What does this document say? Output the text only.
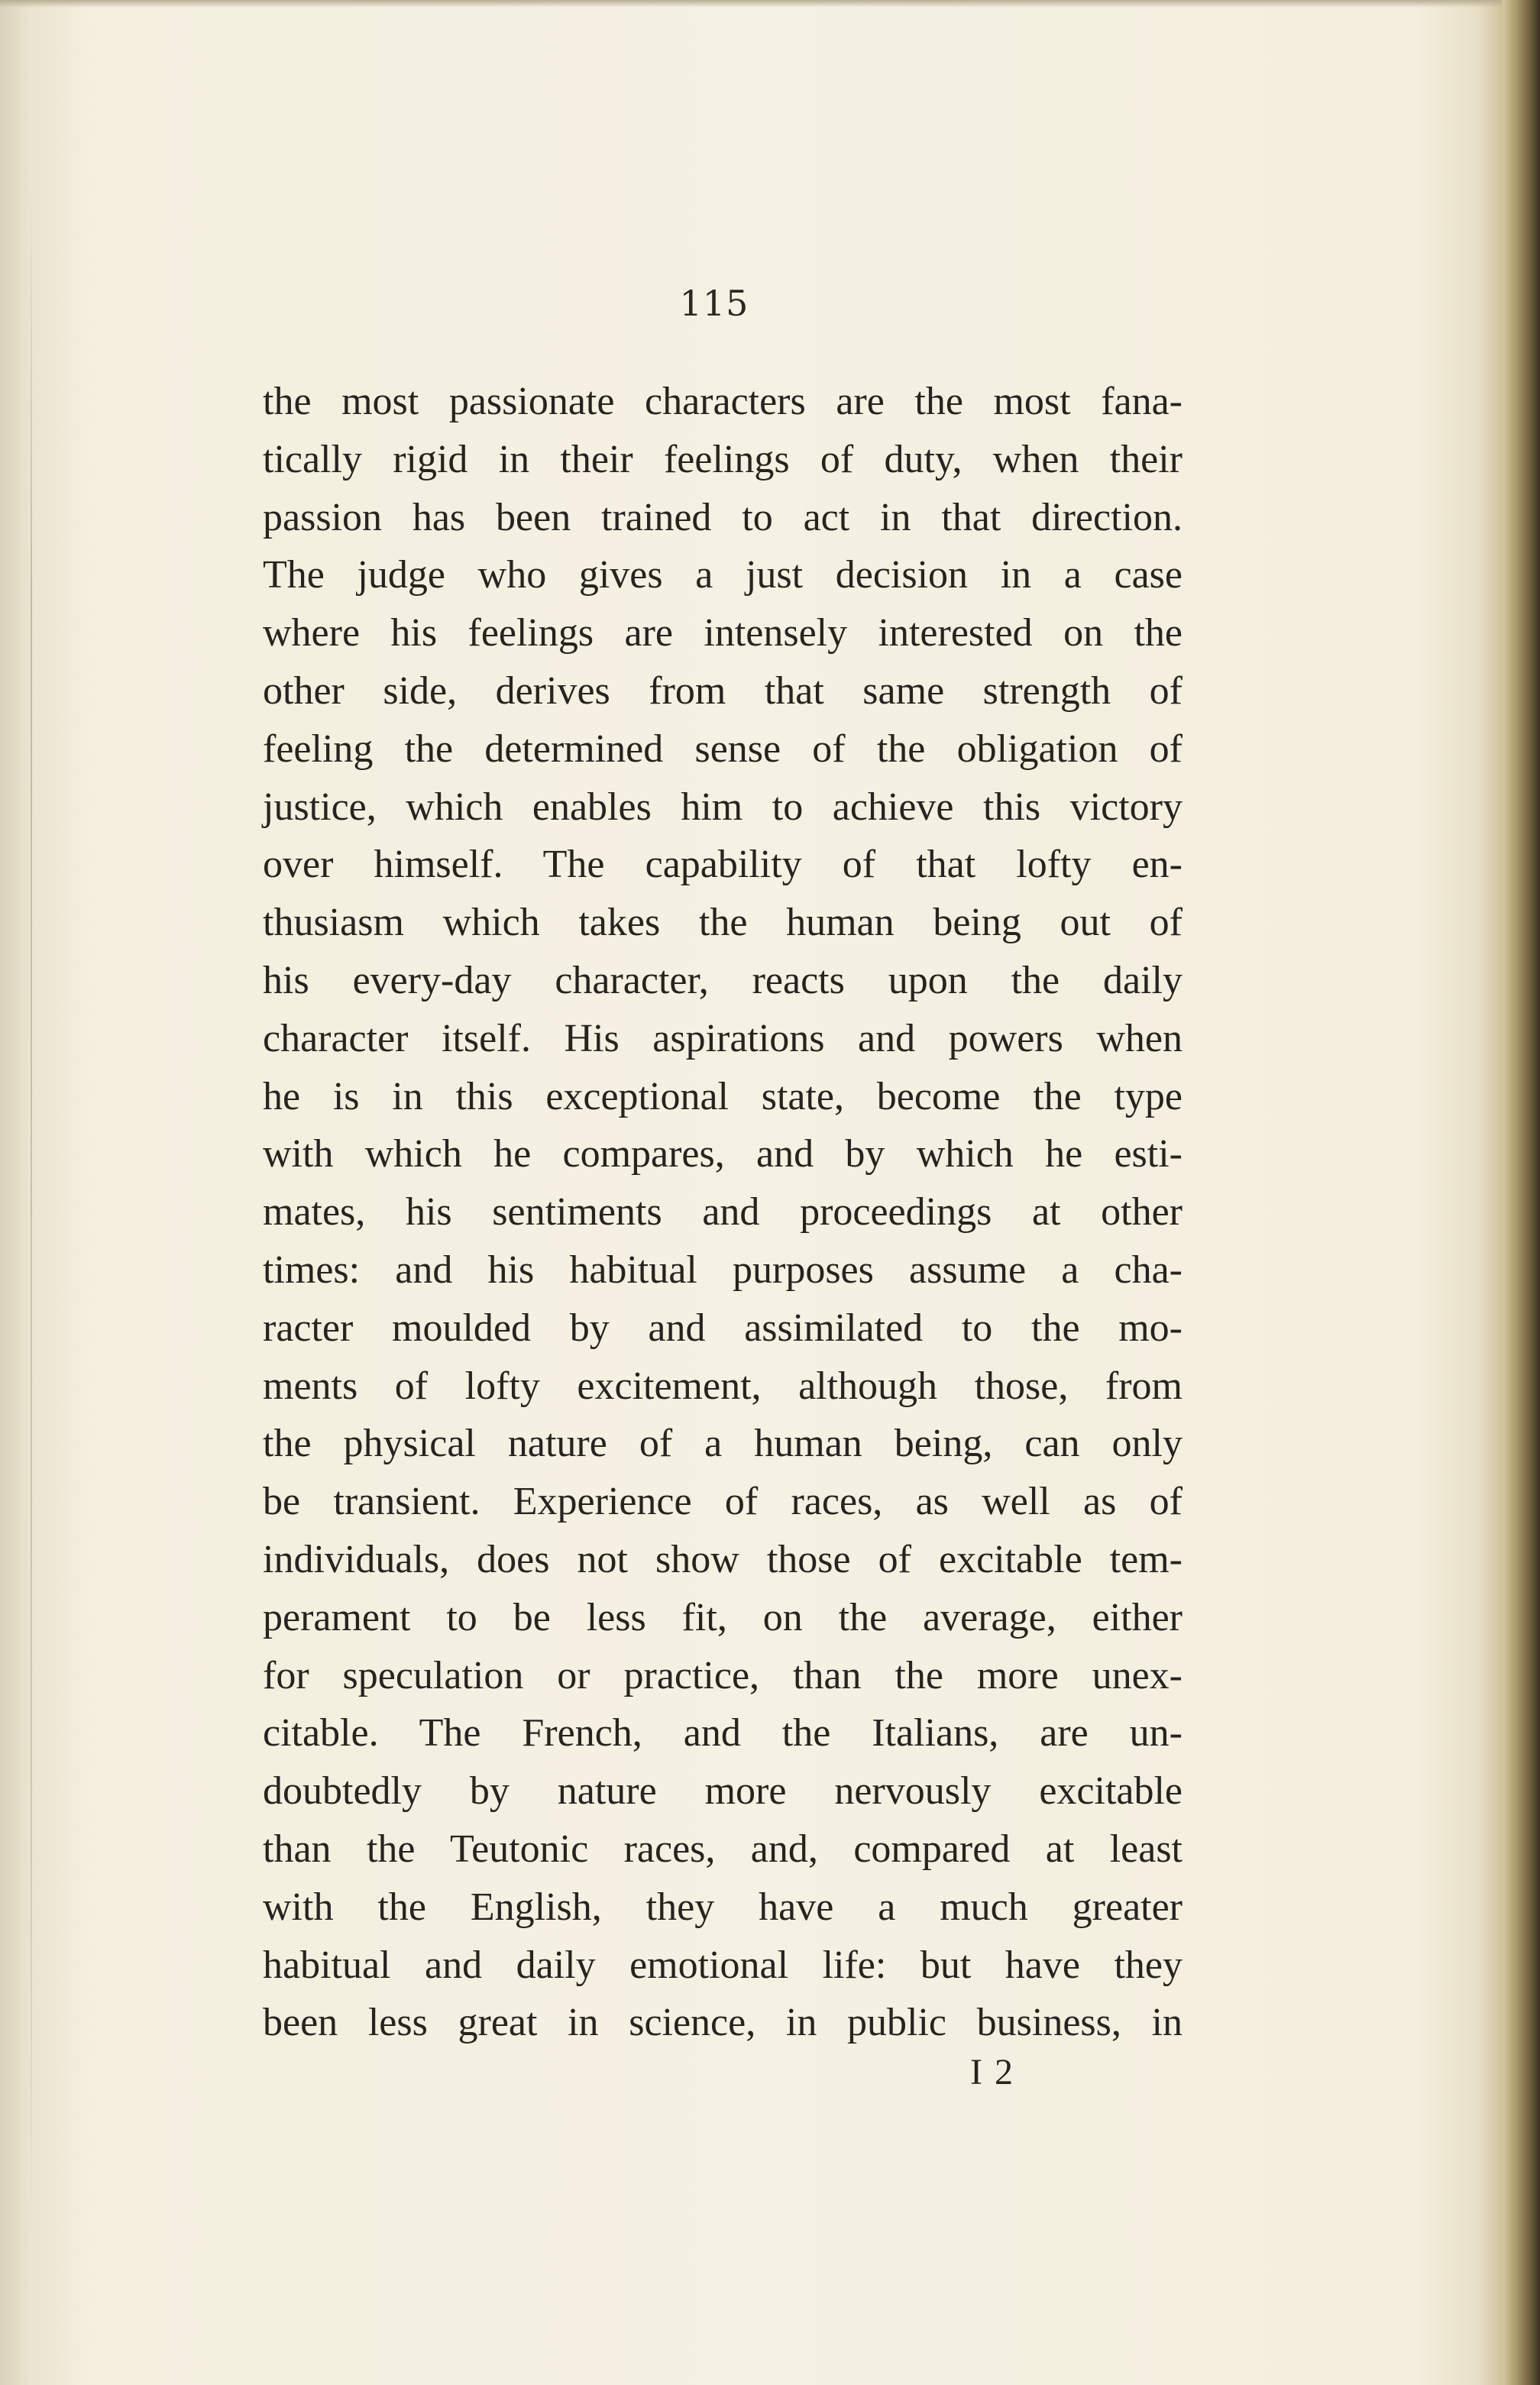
115
the most passionate characters are the most fana-
tically rigid in their feelings of duty, when their
passion has been trained to act in that direction.
The judge who gives a just decision in a case
where his feelings are intensely interested on the
other side, derives from that same strength of
feeling the determined sense of the obligation of
justice, which enables him to achieve this victory
over himself. The capability of that lofty en-
thusiasm which takes the human being out of
his every-day character, reacts upon the daily
character itself. His aspirations and powers when
he is in this exceptional state, become the type
with which he compares, and by which he esti-
mates, his sentiments and proceedings at other
times: and his habitual purposes assume a cha-
racter moulded by and assimilated to the mo-
ments of lofty excitement, although those, from
the physical nature of a human being, can only
be transient. Experience of races, as well as of
individuals, does not show those of excitable tem-
perament to be less fit, on the average, either
for speculation or practice, than the more unex-
citable. The French, and the Italians, are un-
doubtedly by nature more nervously excitable
than the Teutonic races, and, compared at least
with the English, they have a much greater
habitual and daily emotional life: but have they
been less great in science, in public business, in
I 2
